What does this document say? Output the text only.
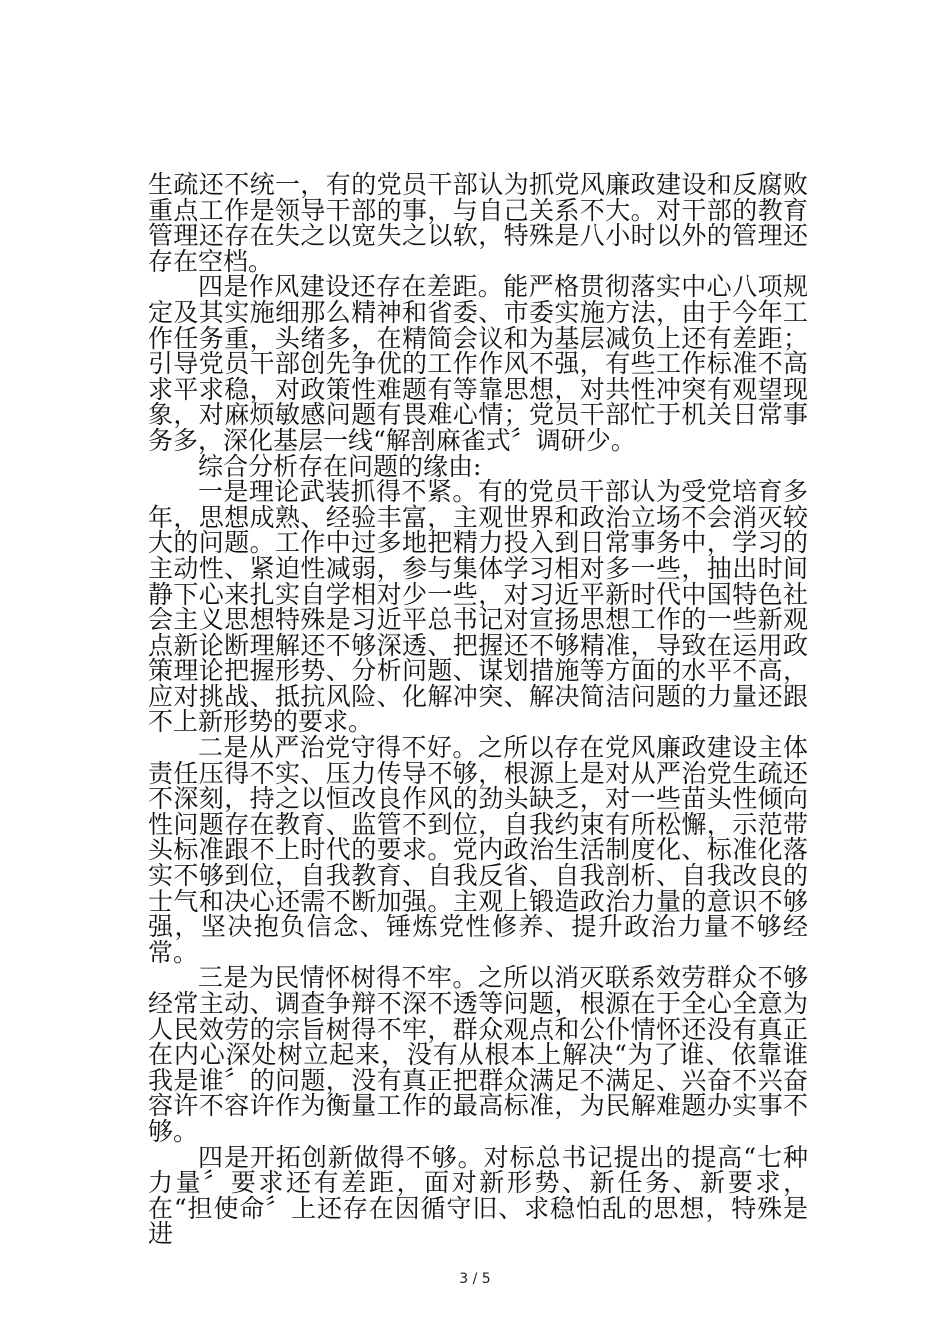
生疏还不统一，有的党员干部认为抓党风廉政建设和反腐败重点工作是领导干部的事，与自己关系不大。对干部的教育管理还存在失之以宽失之以软，特殊是八小时以外的管理还存在空档。

四是作风建设还存在差距。能严格贯彻落实中心八项规定及其实施细那么精神和省委、市委实施方法，由于今年工作任务重，头绪多，在精简会议和为基层减负上还有差距；引导党员干部创先争优的工作作风不强，有些工作标准不高求平求稳，对政策性难题有等靠思想，对共性冲突有观望现象，对麻烦敏感问题有畏难心情；党员干部忙于机关日常事务多，深化基层一线“解剖麻雀式〞调研少。

综合分析存在问题的缘由:

一是理论武装抓得不紧。有的党员干部认为受党培育多年，思想成熟、经验丰富，主观世界和政治立场不会消灭较大的问题。工作中过多地把精力投入到日常事务中，学习的主动性、紧迫性减弱，参与集体学习相对多一些，抽出时间静下心来扎实自学相对少一些，对习近平新时代中国特色社会主义思想特殊是习近平总书记对宣扬思想工作的一些新观点新论断理解还不够深透、把握还不够精准，导致在运用政策理论把握形势、分析问题、谋划措施等方面的水平不高，应对挑战、抵抗风险、化解冲突、解决简洁问题的力量还跟不上新形势的要求。

二是从严治党守得不好。之所以存在党风廉政建设主体责任压得不实、压力传导不够，根源上是对从严治党生疏还不深刻，持之以恒改良作风的劲头缺乏，对一些苗头性倾向性问题存在教育、监管不到位，自我约束有所松懈，示范带头标准跟不上时代的要求。党内政治生活制度化、标准化落实不够到位，自我教育、自我反省、自我剖析、自我改良的士气和决心还需不断加强。主观上锻造政治力量的意识不够强，坚决抱负信念、锤炼党性修养、提升政治力量不够经常。

三是为民情怀树得不牢。之所以消灭联系效劳群众不够经常主动、调查争辩不深不透等问题，根源在于全心全意为人民效劳的宗旨树得不牢，群众观点和公仆情怀还没有真正在内心深处树立起来，没有从根本上解决“为了谁、依靠谁我是谁〞的问题，没有真正把群众满足不满足、兴奋不兴奋容许不容许作为衡量工作的最高标准，为民解难题办实事不够。

四是开拓创新做得不够。对标总书记提出的提高“七种力量〞要求还有差距，面对新形势、新任务、新要求，在“担使命〞上还存在因循守旧、求稳怕乱的思想，特殊是进

3 / 5
